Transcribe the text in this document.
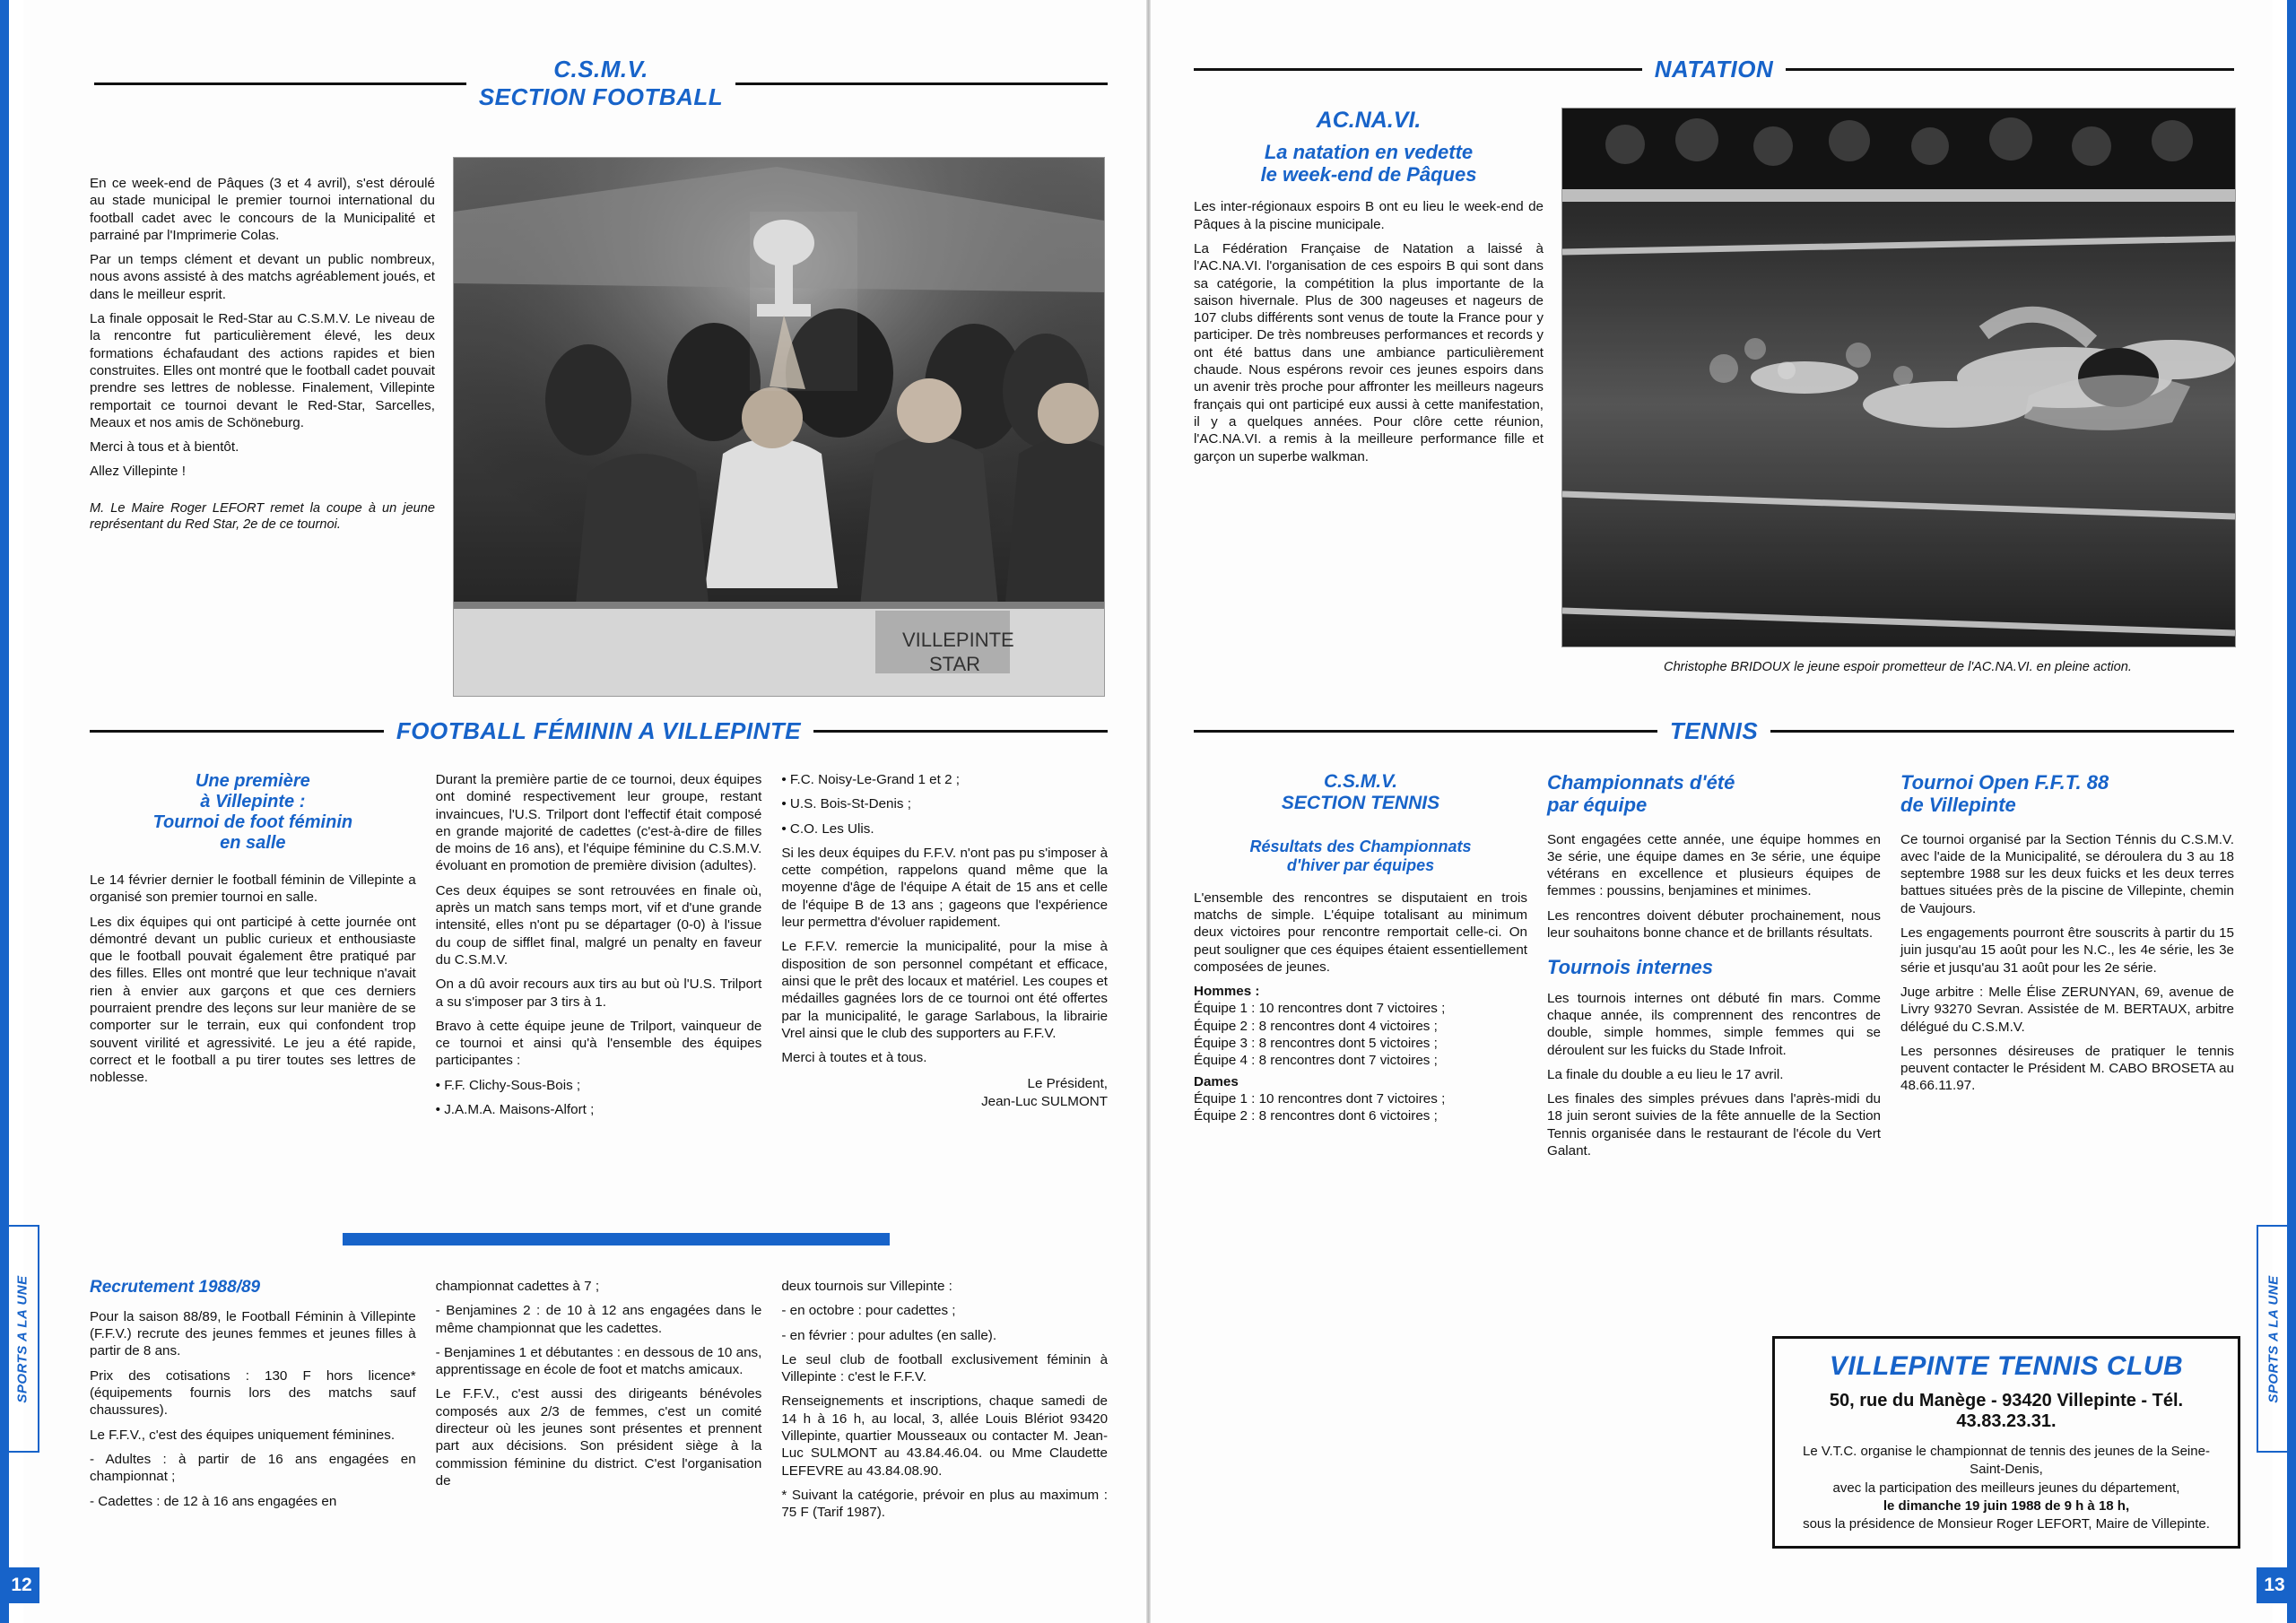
SPORTS A LA UNE
12
C.S.M.V.
SECTION FOOTBALL

En ce week-end de Pâques (3 et 4 avril), s'est déroulé au stade municipal le premier tournoi international du football cadet avec le concours de la Municipalité et parrainé par l'Imprimerie Colas.

Par un temps clément et devant un public nombreux, nous avons assisté à des matchs agréablement joués, et dans le meilleur esprit.

La finale opposait le Red-Star au C.S.M.V. Le niveau de la rencontre fut particulièrement élevé, les deux formations échafaudant des actions rapides et bien construites. Elles ont montré que le football cadet pouvait prendre ses lettres de noblesse. Finalement, Villepinte remportait ce tournoi devant le Red-Star, Sarcelles, Meaux et nos amis de Schöneburg.

Merci à tous et à bientôt.

Allez Villepinte !

M. Le Maire Roger LEFORT remet la coupe à un jeune représentant du Red Star, 2e de ce tournoi.
VILLEPINTE
STAR
FOOTBALL FÉMININ A VILLEPINTE
Une première
à Villepinte :
Tournoi de foot féminin
en salle

Le 14 février dernier le football féminin de Villepinte a organisé son premier tournoi en salle.

Les dix équipes qui ont participé à cette journée ont démontré devant un public curieux et enthousiaste que le football pouvait également être pratiqué par des filles. Elles ont montré que leur technique n'avait rien à envier aux garçons et que ces derniers pourraient prendre des leçons sur leur manière de se comporter sur le terrain, eux qui confondent trop souvent virilité et agressivité. Le jeu a été rapide, correct et le football a pu tirer toutes ses lettres de noblesse.

Durant la première partie de ce tournoi, deux équipes ont dominé respectivement leur groupe, restant invaincues, l'U.S. Trilport dont l'effectif était composé en grande majorité de cadettes (c'est-à-dire de filles de moins de 16 ans), et l'équipe féminine du C.S.M.V. évoluant en promotion de première division (adultes).

Ces deux équipes se sont retrouvées en finale où, après un match sans temps mort, vif et d'une grande intensité, elles n'ont pu se départager (0-0) à l'issue du coup de sifflet final, malgré un penalty en faveur du C.S.M.V.

On a dû avoir recours aux tirs au but où l'U.S. Trilport a su s'imposer par 3 tirs à 1.

Bravo à cette équipe jeune de Trilport, vainqueur de ce tournoi et ainsi qu'à l'ensemble des équipes participantes :

• F.F. Clichy-Sous-Bois ;

• J.A.M.A. Maisons-Alfort ;

• F.C. Noisy-Le-Grand 1 et 2 ;

• U.S. Bois-St-Denis ;

• C.O. Les Ulis.

Si les deux équipes du F.F.V. n'ont pas pu s'imposer à cette compétion, rappelons quand même que la moyenne d'âge de l'équipe A était de 15 ans et celle de l'équipe B de 13 ans ; gageons que l'expérience leur permettra d'évoluer rapidement.

Le F.F.V. remercie la municipalité, pour la mise à disposition de son personnel compétant et efficace, ainsi que le prêt des locaux et matériel. Les coupes et médailles gagnées lors de ce tournoi ont été offertes par la municipalité, le garage Sarlabous, la librairie Vrel ainsi que le club des supporters au F.F.V.

Merci à toutes et à tous.

Le Président,
Jean-Luc SULMONT
Recrutement 1988/89

Pour la saison 88/89, le Football Féminin à Villepinte (F.F.V.) recrute des jeunes femmes et jeunes filles à partir de 8 ans.

Prix des cotisations : 130 F hors licence* (équipements fournis lors des matchs sauf chaussures).

Le F.F.V., c'est des équipes uniquement féminines.

- Adultes : à partir de 16 ans engagées en championnat ;

- Cadettes : de 12 à 16 ans engagées en

championnat cadettes à 7 ;

- Benjamines 2 : de 10 à 12 ans engagées dans le même championnat que les cadettes.

- Benjamines 1 et débutantes : en dessous de 10 ans, apprentissage en école de foot et matchs amicaux.

Le F.F.V., c'est aussi des dirigeants bénévoles composés aux 2/3 de femmes, c'est un comité directeur où les jeunes sont présentes et prennent part aux décisions. Son président siège à la commission féminine du district. C'est l'organisation de

deux tournois sur Villepinte :

- en octobre : pour cadettes ;

- en février : pour adultes (en salle).

Le seul club de football exclusivement féminin à Villepinte : c'est le F.F.V.

Renseignements et inscriptions, chaque samedi de 14 h à 16 h, au local, 3, allée Louis Blériot 93420 Villepinte, quartier Mousseaux ou contacter M. Jean-Luc SULMONT au 43.84.46.04. ou Mme Claudette LEFEVRE au 43.84.08.90.

* Suivant la catégorie, prévoir en plus au maximum : 75 F (Tarif 1987).

SPORTS A LA UNE
13
NATATION
AC.NA.VI.
La natation en vedette
le week-end de Pâques

Les inter-régionaux espoirs B ont eu lieu le week-end de Pâques à la piscine municipale.

La Fédération Française de Natation a laissé à l'AC.NA.VI. l'organisation de ces espoirs B qui sont dans sa catégorie, la compétition la plus importante de la saison hivernale. Plus de 300 nageuses et nageurs de 107 clubs différents sont venus de toute la France pour y participer. De très nombreuses performances et records y ont été battus dans une ambiance particulièrement chaude. Nous espérons revoir ces jeunes espoirs dans un avenir très proche pour affronter les meilleurs nageurs français qui ont participé eux aussi à cette manifestation, il y a quelques années. Pour clôre cette réunion, l'AC.NA.VI. a remis à la meilleure performance fille et garçon un superbe walkman.

Christophe BRIDOUX le jeune espoir prometteur de l'AC.NA.VI. en pleine action.
TENNIS
C.S.M.V.
SECTION TENNIS
Résultats des Championnats
d'hiver par équipes

L'ensemble des rencontres se disputaient en trois matchs de simple. L'équipe totalisant au minimum deux victoires pour rencontre remportait celle-ci. On peut souligner que ces équipes étaient essentiellement composées de jeunes.

Hommes :
Équipe 1 : 10 rencontres dont 7 victoires ;
Équipe 2 : 8 rencontres dont 4 victoires ;
Équipe 3 : 8 rencontres dont 5 victoires ;
Équipe 4 : 8 rencontres dont 7 victoires ;
Dames
Équipe 1 : 10 rencontres dont 7 victoires ;
Équipe 2 : 8 rencontres dont 6 victoires ;
Championnats d'été
par équipe

Sont engagées cette année, une équipe hommes en 3e série, une équipe dames en 3e série, une équipe vétérans en excellence et plusieurs équipes de femmes : poussins, benjamines et minimes.

Les rencontres doivent débuter prochainement, nous leur souhaitons bonne chance et de brillants résultats.

Tournois internes

Les tournois internes ont débuté fin mars. Comme chaque année, ils comprennent des rencontres de double, simple hommes, simple femmes qui se déroulent sur les fuicks du Stade Infroit.

La finale du double a eu lieu le 17 avril.

Les finales des simples prévues dans l'après-midi du 18 juin seront suivies de la fête annuelle de la Section Tennis organisée dans le restaurant de l'école du Vert Galant.

Tournoi Open F.F.T. 88
de Villepinte

Ce tournoi organisé par la Section Ténnis du C.S.M.V. avec l'aide de la Municipalité, se déroulera du 3 au 18 septembre 1988 sur les deux fuicks et les deux terres battues situées près de la piscine de Villepinte, chemin de Vaujours.

Les engagements pourront être souscrits à partir du 15 juin jusqu'au 15 août pour les N.C., les 4e série, les 3e série et jusqu'au 31 août pour les 2e série.

Juge arbitre : Melle Élise ZERUNYAN, 69, avenue de Livry 93270 Sevran. Assistée de M. BERTAUX, arbitre délégué du C.S.M.V.

Les personnes désireuses de pratiquer le tennis peuvent contacter le Président M. CABO BROSETA au 48.66.11.97.

VILLEPINTE TENNIS CLUB
50, rue du Manège - 93420 Villepinte - Tél. 43.83.23.31.

Le V.T.C. organise le championnat de tennis des jeunes de la Seine-Saint-Denis,

avec la participation des meilleurs jeunes du département,

le dimanche 19 juin 1988 de 9 h à 18 h,

sous la présidence de Monsieur Roger LEFORT, Maire de Villepinte.
